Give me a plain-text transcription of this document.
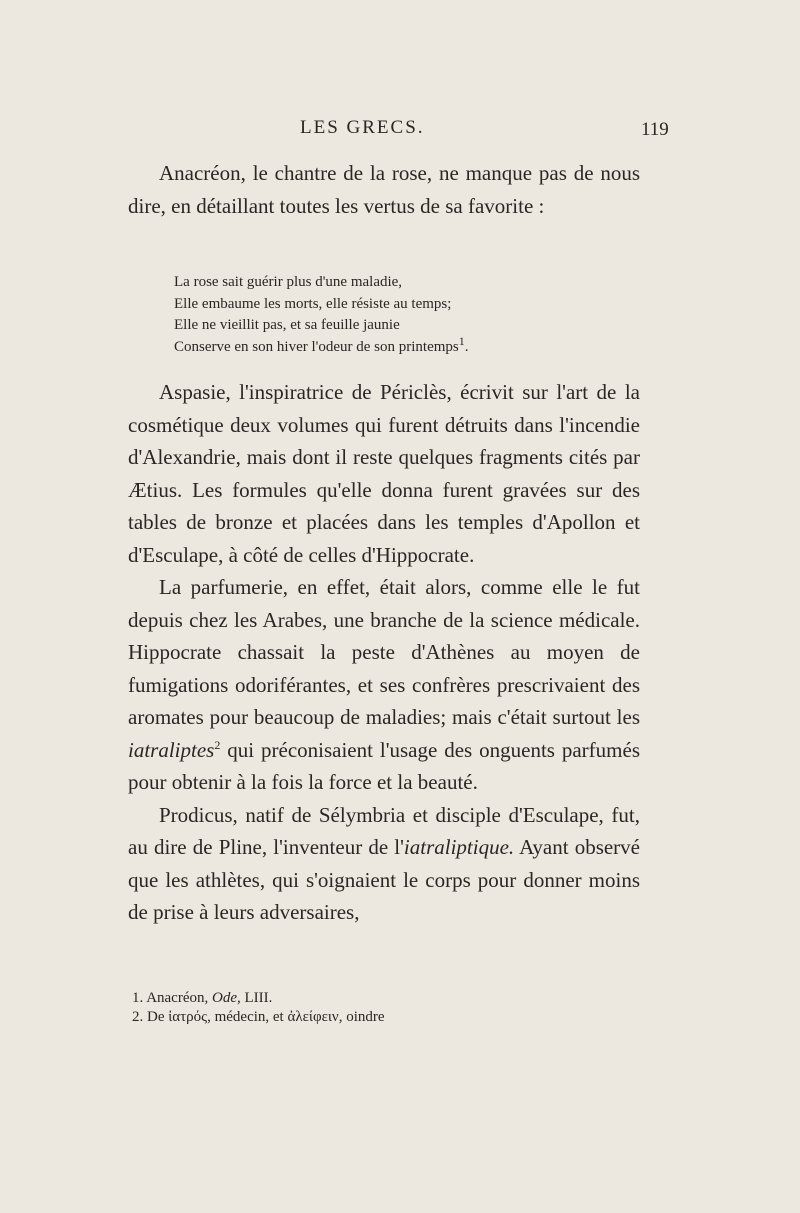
LES GRECS.	119

Anacréon, le chantre de la rose, ne manque pas de nous dire, en détaillant toutes les vertus de sa favorite :

La rose sait guérir plus d'une maladie,
Elle embaume les morts, elle résiste au temps;
Elle ne vieillit pas, et sa feuille jaunie
Conserve en son hiver l'odeur de son printemps$^1$.

Aspasie, l'inspiratrice de Périclès, écrivit sur l'art de la cosmétique deux volumes qui furent détruits dans l'incendie d'Alexandrie, mais dont il reste quelques fragments cités par Ætius. Les formules qu'elle donna furent gravées sur des tables de bronze et placées dans les temples d'Apollon et d'Esculape, à côté de celles d'Hippocrate.

La parfumerie, en effet, était alors, comme elle le fut depuis chez les Arabes, une branche de la science médicale. Hippocrate chassait la peste d'Athènes au moyen de fumigations odoriférantes, et ses confrères prescrivaient des aromates pour beaucoup de maladies; mais c'était surtout les iatraliptes$^2$ qui préconisaient l'usage des onguents parfumés pour obtenir à la fois la force et la beauté.

Prodicus, natif de Sélymbria et disciple d'Esculape, fut, au dire de Pline, l'inventeur de l'iatraliptique. Ayant observé que les athlètes, qui s'oignaient le corps pour donner moins de prise à leurs adversaires,

1. Anacréon, Ode, LIII.
2. De ἰατρός, médecin, et ἀλείφειν, oindre
